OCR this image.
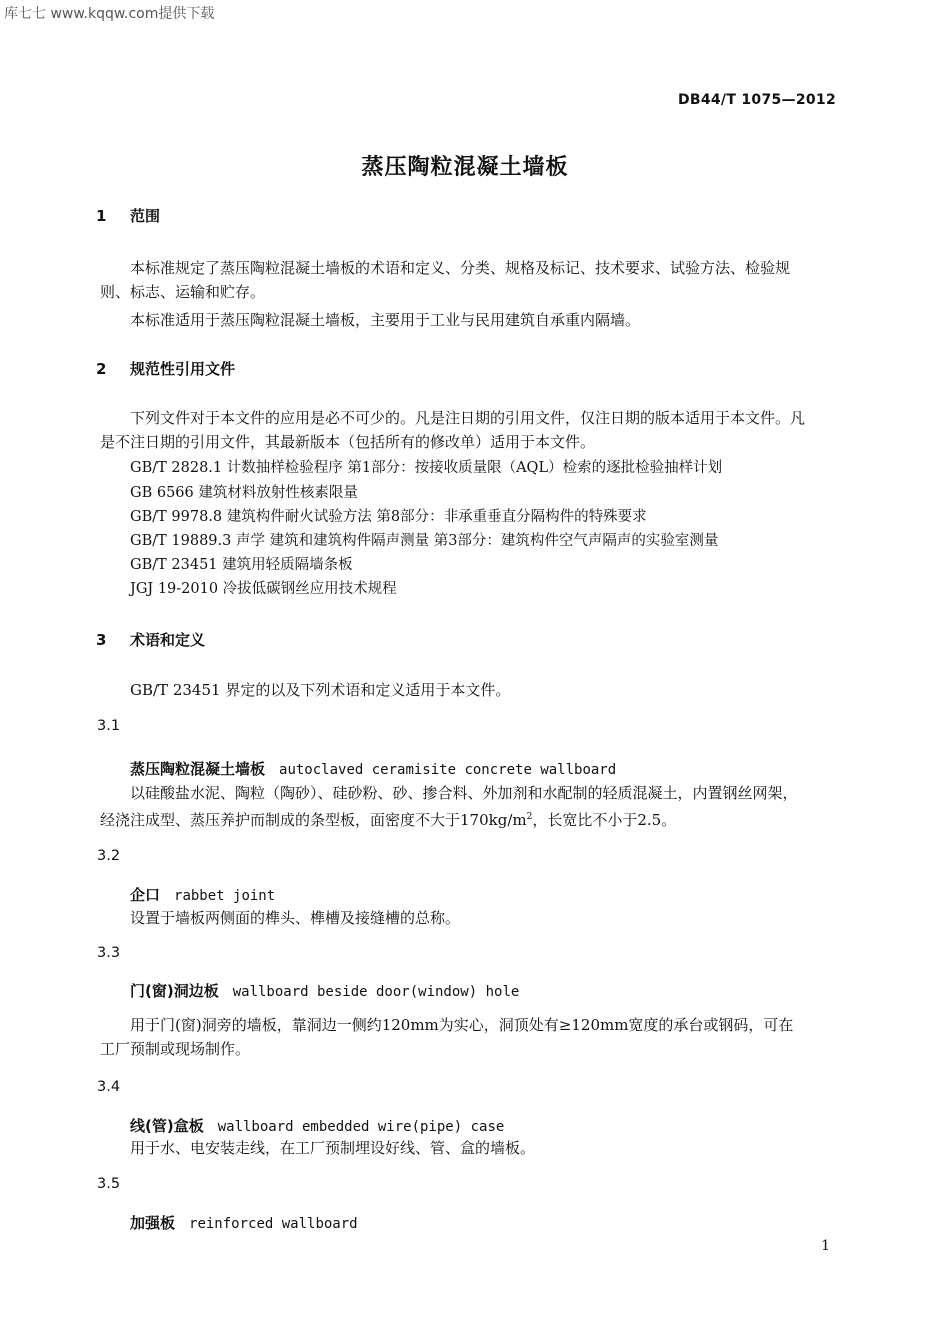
库七七 www.kqqw.com提供下载
DB44/T 1075—2012
蒸压陶粒混凝土墙板
1 范围
本标准规定了蒸压陶粒混凝土墙板的术语和定义、分类、规格及标记、技术要求、试验方法、检验规则、标志、运输和贮存。
本标准适用于蒸压陶粒混凝土墙板，主要用于工业与民用建筑自承重内隔墙。
2 规范性引用文件
下列文件对于本文件的应用是必不可少的。凡是注日期的引用文件，仅注日期的版本适用于本文件。凡是不注日期的引用文件，其最新版本（包括所有的修改单）适用于本文件。
GB/T 2828.1 计数抽样检验程序 第1部分：按接收质量限（AQL）检索的逐批检验抽样计划
GB 6566 建筑材料放射性核素限量
GB/T 9978.8 建筑构件耐火试验方法 第8部分：非承重垂直分隔构件的特殊要求
GB/T 19889.3 声学 建筑和建筑构件隔声测量 第3部分：建筑构件空气声隔声的实验室测量
GB/T 23451 建筑用轻质隔墙条板
JGJ 19-2010 冷拔低碳钢丝应用技术规程
3 术语和定义
GB/T 23451 界定的以及下列术语和定义适用于本文件。
3.1
蒸压陶粒混凝土墙板 autoclaved ceramisite concrete wallboard
以硅酸盐水泥、陶粒（陶砂）、硅砂粉、砂、掺合料、外加剂和水配制的轻质混凝土，内置钢丝网架，经浇注成型、蒸压养护而制成的条型板，面密度不大于$170kg/m^2$，长宽比不小于2.5。
3.2
企口 rabbet joint
设置于墙板两侧面的榫头、榫槽及接缝槽的总称。
3.3
门(窗)洞边板 wallboard beside door(window) hole
用于门(窗)洞旁的墙板，靠洞边一侧约120mm为实心，洞顶处有≥120mm宽度的承台或钢码，可在工厂预制或现场制作。
3.4
线(管)盒板 wallboard embedded wire(pipe) case
用于水、电安装走线，在工厂预制埋设好线、管、盒的墙板。
3.5
加强板 reinforced wallboard
1
